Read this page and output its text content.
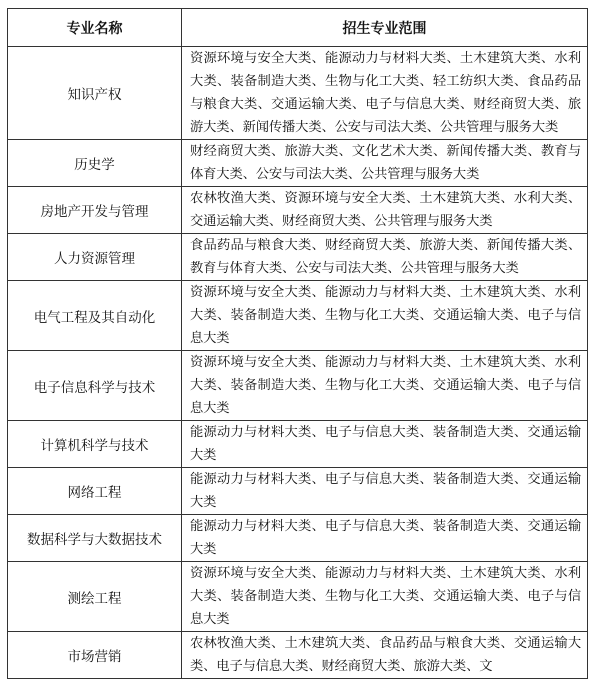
专业名称	招生专业范围
知识产权	资源环境与安全大类、能源动力与材料大类、土木建筑大类、水利大类、装备制造大类、生物与化工大类、轻工纺织大类、食品药品与粮食大类、交通运输大类、电子与信息大类、财经商贸大类、旅游大类、新闻传播大类、公安与司法大类、公共管理与服务大类
历史学	财经商贸大类、旅游大类、文化艺术大类、新闻传播大类、教育与体育大类、公安与司法大类、公共管理与服务大类
房地产开发与管理	农林牧渔大类、资源环境与安全大类、土木建筑大类、水利大类、交通运输大类、财经商贸大类、公共管理与服务大类
人力资源管理	食品药品与粮食大类、财经商贸大类、旅游大类、新闻传播大类、教育与体育大类、公安与司法大类、公共管理与服务大类
电气工程及其自动化	资源环境与安全大类、能源动力与材料大类、土木建筑大类、水利大类、装备制造大类、生物与化工大类、交通运输大类、电子与信息大类
电子信息科学与技术	资源环境与安全大类、能源动力与材料大类、土木建筑大类、水利大类、装备制造大类、生物与化工大类、交通运输大类、电子与信息大类
计算机科学与技术	能源动力与材料大类、电子与信息大类、装备制造大类、交通运输大类
网络工程	能源动力与材料大类、电子与信息大类、装备制造大类、交通运输大类
数据科学与大数据技术	能源动力与材料大类、电子与信息大类、装备制造大类、交通运输大类
测绘工程	资源环境与安全大类、能源动力与材料大类、土木建筑大类、水利大类、装备制造大类、生物与化工大类、交通运输大类、电子与信息大类
市场营销	农林牧渔大类、土木建筑大类、食品药品与粮食大类、交通运输大类、电子与信息大类、财经商贸大类、旅游大类、文
